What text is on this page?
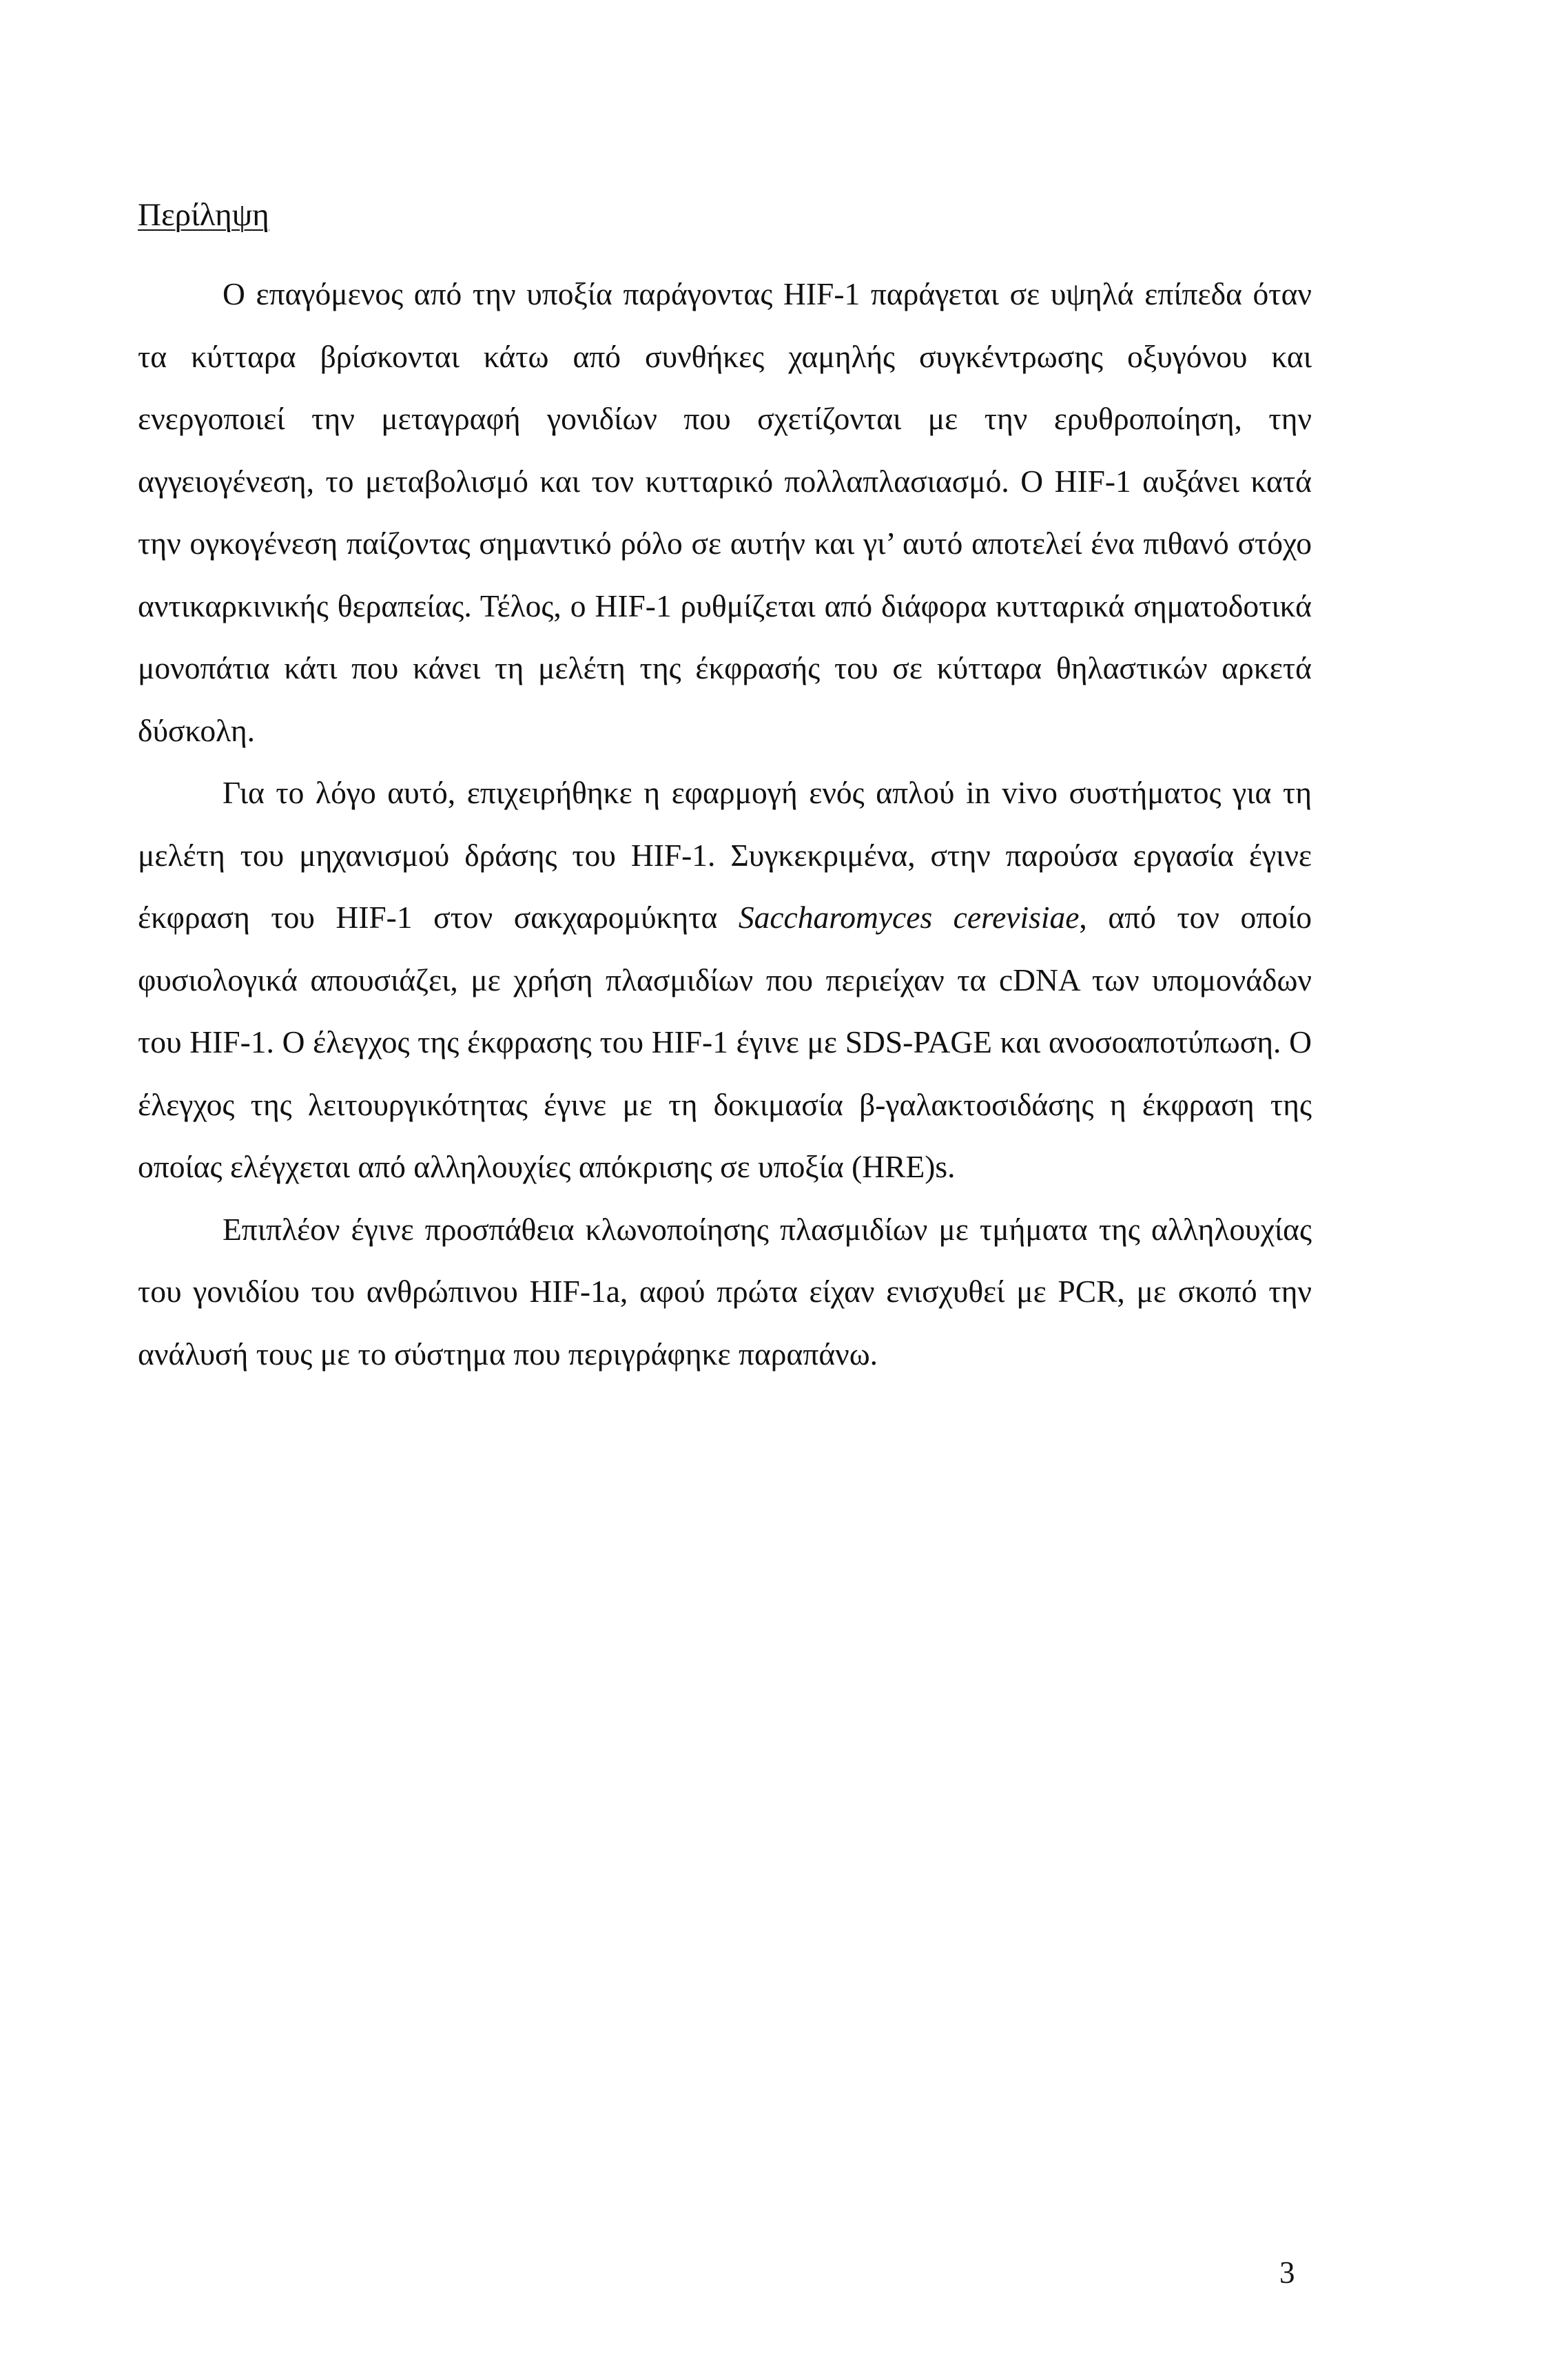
Περίληψη

Ο επαγόμενος από την υποξία παράγοντας HIF-1 παράγεται σε υψηλά επίπεδα όταν τα κύτταρα βρίσκονται κάτω από συνθήκες χαμηλής συγκέντρωσης οξυγόνου και ενεργοποιεί την μεταγραφή γονιδίων που σχετίζονται με την ερυθροποίηση, την αγγειογένεση, το μεταβολισμό και τον κυτταρικό πολλαπλασιασμό. Ο HIF-1 αυξάνει κατά την ογκογένεση παίζοντας σημαντικό ρόλο σε αυτήν και γι’ αυτό αποτελεί ένα πιθανό στόχο αντικαρκινικής θεραπείας. Τέλος, ο HIF-1 ρυθμίζεται από διάφορα κυτταρικά σηματοδοτικά μονοπάτια κάτι που κάνει τη μελέτη της έκφρασής του σε κύτταρα θηλαστικών αρκετά δύσκολη.

Για το λόγο αυτό, επιχειρήθηκε η εφαρμογή ενός απλού in vivo συστήματος για τη μελέτη του μηχανισμού δράσης του HIF-1. Συγκεκριμένα, στην παρούσα εργασία έγινε έκφραση του HIF-1 στον σακχαρομύκητα Saccharomyces cerevisiae, από τον οποίο φυσιολογικά απουσιάζει, με χρήση πλασμιδίων που περιείχαν τα cDNA των υπομονάδων του HIF-1. Ο έλεγχος της έκφρασης του HIF-1 έγινε με SDS-PAGE και ανοσοαποτύπωση. Ο έλεγχος της λειτουργικότητας έγινε με τη δοκιμασία β-γαλακτοσιδάσης η έκφραση της οποίας ελέγχεται από αλληλουχίες απόκρισης σε υποξία (HRE)s.

Επιπλέον έγινε προσπάθεια κλωνοποίησης πλασμιδίων με τμήματα της αλληλουχίας του γονιδίου του ανθρώπινου HIF-1a, αφού πρώτα είχαν ενισχυθεί με PCR, με σκοπό την ανάλυσή τους με το σύστημα που περιγράφηκε παραπάνω.

3
